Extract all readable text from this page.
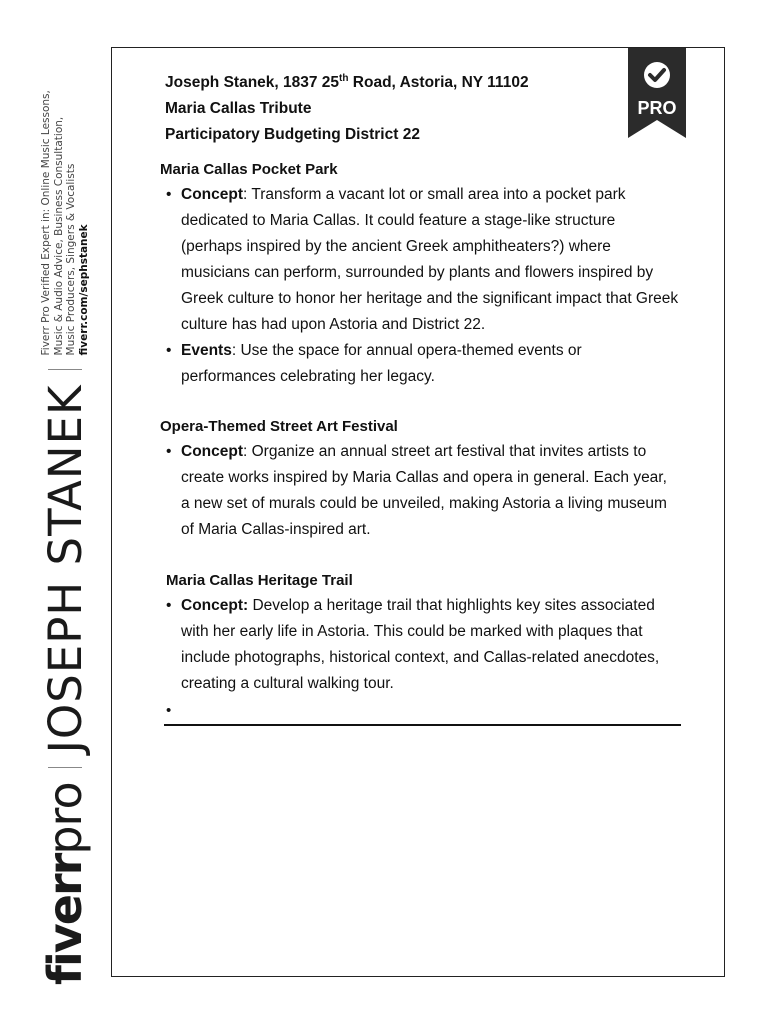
fiverr
pro
JOSEPH STANEK
Fiverr Pro Verified Expert in: Online Music Lessons, Music & Audio Advice, Business Consultation, Music Producers, Singers & Vocalists fiverr.com/sephstanek
PRO
Joseph Stanek, 1837 25th Road, Astoria, NY 11102
Maria Callas Tribute
Participatory Budgeting District 22
Maria Callas Pocket Park
• Concept: Transform a vacant lot or small area into a pocket park dedicated to Maria Callas. It could feature a stage-like structure (perhaps inspired by the ancient Greek amphitheaters?) where musicians can perform, surrounded by plants and flowers inspired by Greek culture to honor her heritage and the significant impact that Greek culture has had upon Astoria and District 22.
• Events: Use the space for annual opera-themed events or performances celebrating her legacy.
Opera-Themed Street Art Festival
• Concept: Organize an annual street art festival that invites artists to create works inspired by Maria Callas and opera in general. Each year, a new set of murals could be unveiled, making Astoria a living museum of Maria Callas-inspired art.
Maria Callas Heritage Trail
• Concept: Develop a heritage trail that highlights key sites associated with her early life in Astoria. This could be marked with plaques that include photographs, historical context, and Callas-related anecdotes, creating a cultural walking tour.
•
